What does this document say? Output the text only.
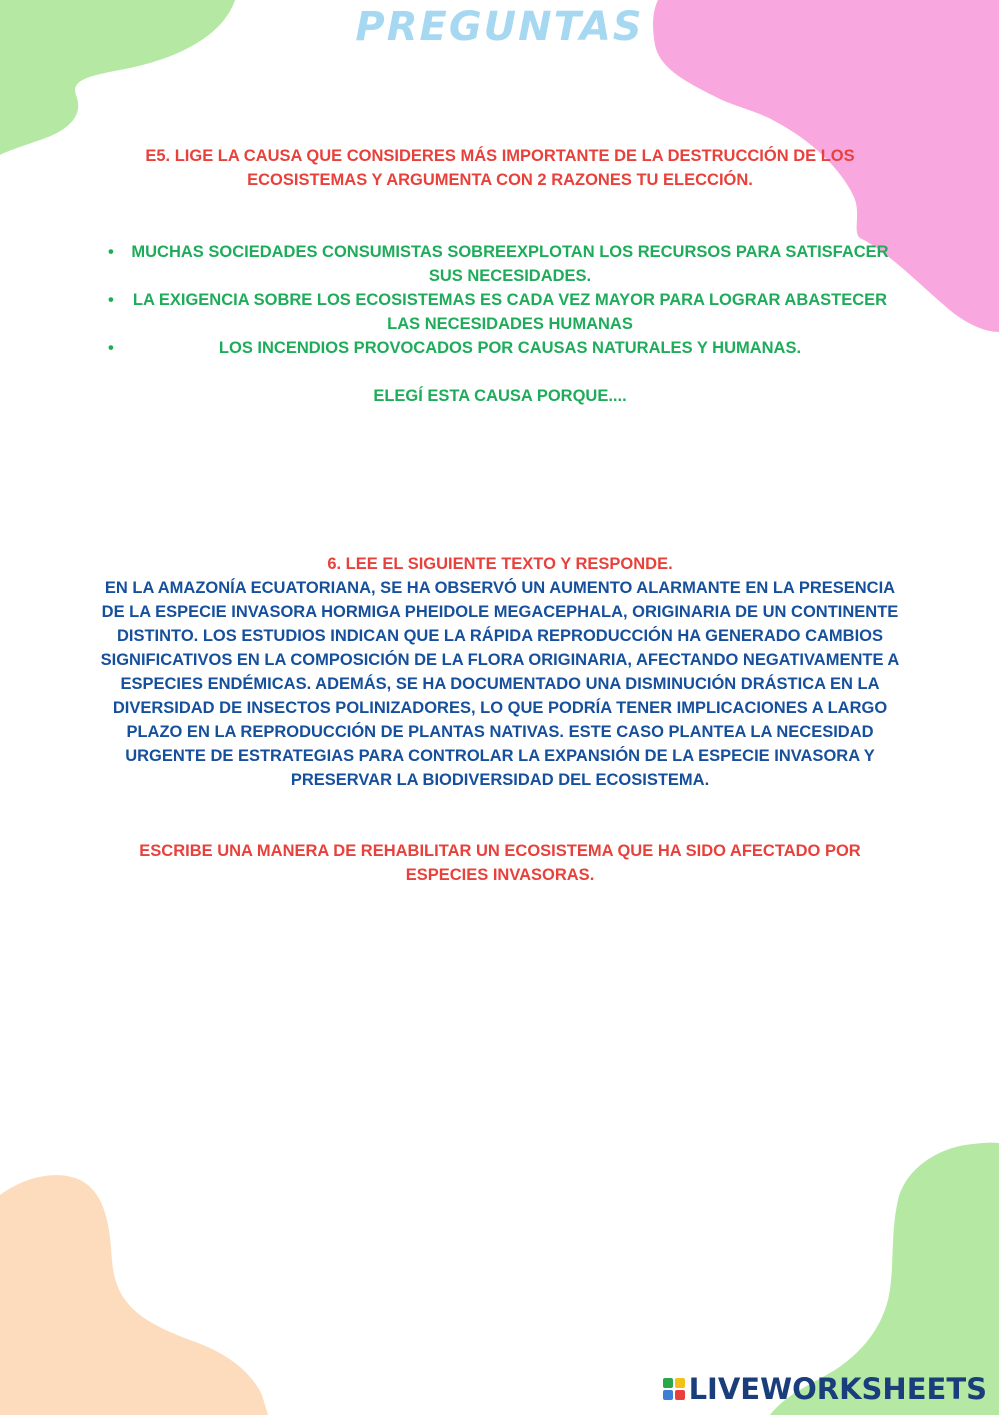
PREGUNTAS

E5. LIGE LA CAUSA QUE CONSIDERES MÁS IMPORTANTE DE LA DESTRUCCIÓN DE LOS ECOSISTEMAS Y ARGUMENTA CON 2 RAZONES TU ELECCIÓN.

• MUCHAS SOCIEDADES CONSUMISTAS SOBREEXPLOTAN LOS RECURSOS PARA SATISFACER SUS NECESIDADES.
• LA EXIGENCIA SOBRE LOS ECOSISTEMAS ES CADA VEZ MAYOR PARA LOGRAR ABASTECER LAS NECESIDADES HUMANAS
•	LOS INCENDIOS PROVOCADOS POR CAUSAS NATURALES Y HUMANAS.

ELEGÍ ESTA CAUSA PORQUE....

6. LEE EL SIGUIENTE TEXTO Y RESPONDE.

EN LA AMAZONÍA ECUATORIANA, SE HA OBSERVÓ UN AUMENTO ALARMANTE EN LA PRESENCIA DE LA ESPECIE INVASORA HORMIGA PHEIDOLE MEGACEPHALA, ORIGINARIA DE UN CONTINENTE DISTINTO. LOS ESTUDIOS INDICAN QUE LA RÁPIDA REPRODUCCIÓN HA GENERADO CAMBIOS SIGNIFICATIVOS EN LA COMPOSICIÓN DE LA FLORA ORIGINARIA, AFECTANDO NEGATIVAMENTE A ESPECIES ENDÉMICAS. ADEMÁS, SE HA DOCUMENTADO UNA DISMINUCIÓN DRÁSTICA EN LA DIVERSIDAD DE INSECTOS POLINIZADORES, LO QUE PODRÍA TENER IMPLICACIONES A LARGO PLAZO EN LA REPRODUCCIÓN DE PLANTAS NATIVAS. ESTE CASO PLANTEA LA NECESIDAD URGENTE DE ESTRATEGIAS PARA CONTROLAR LA EXPANSIÓN DE LA ESPECIE INVASORA Y PRESERVAR LA BIODIVERSIDAD DEL ECOSISTEMA.

ESCRIBE UNA MANERA DE REHABILITAR UN ECOSISTEMA QUE HA SIDO AFECTADO POR ESPECIES INVASORAS.

LIVEWORKSHEETS
